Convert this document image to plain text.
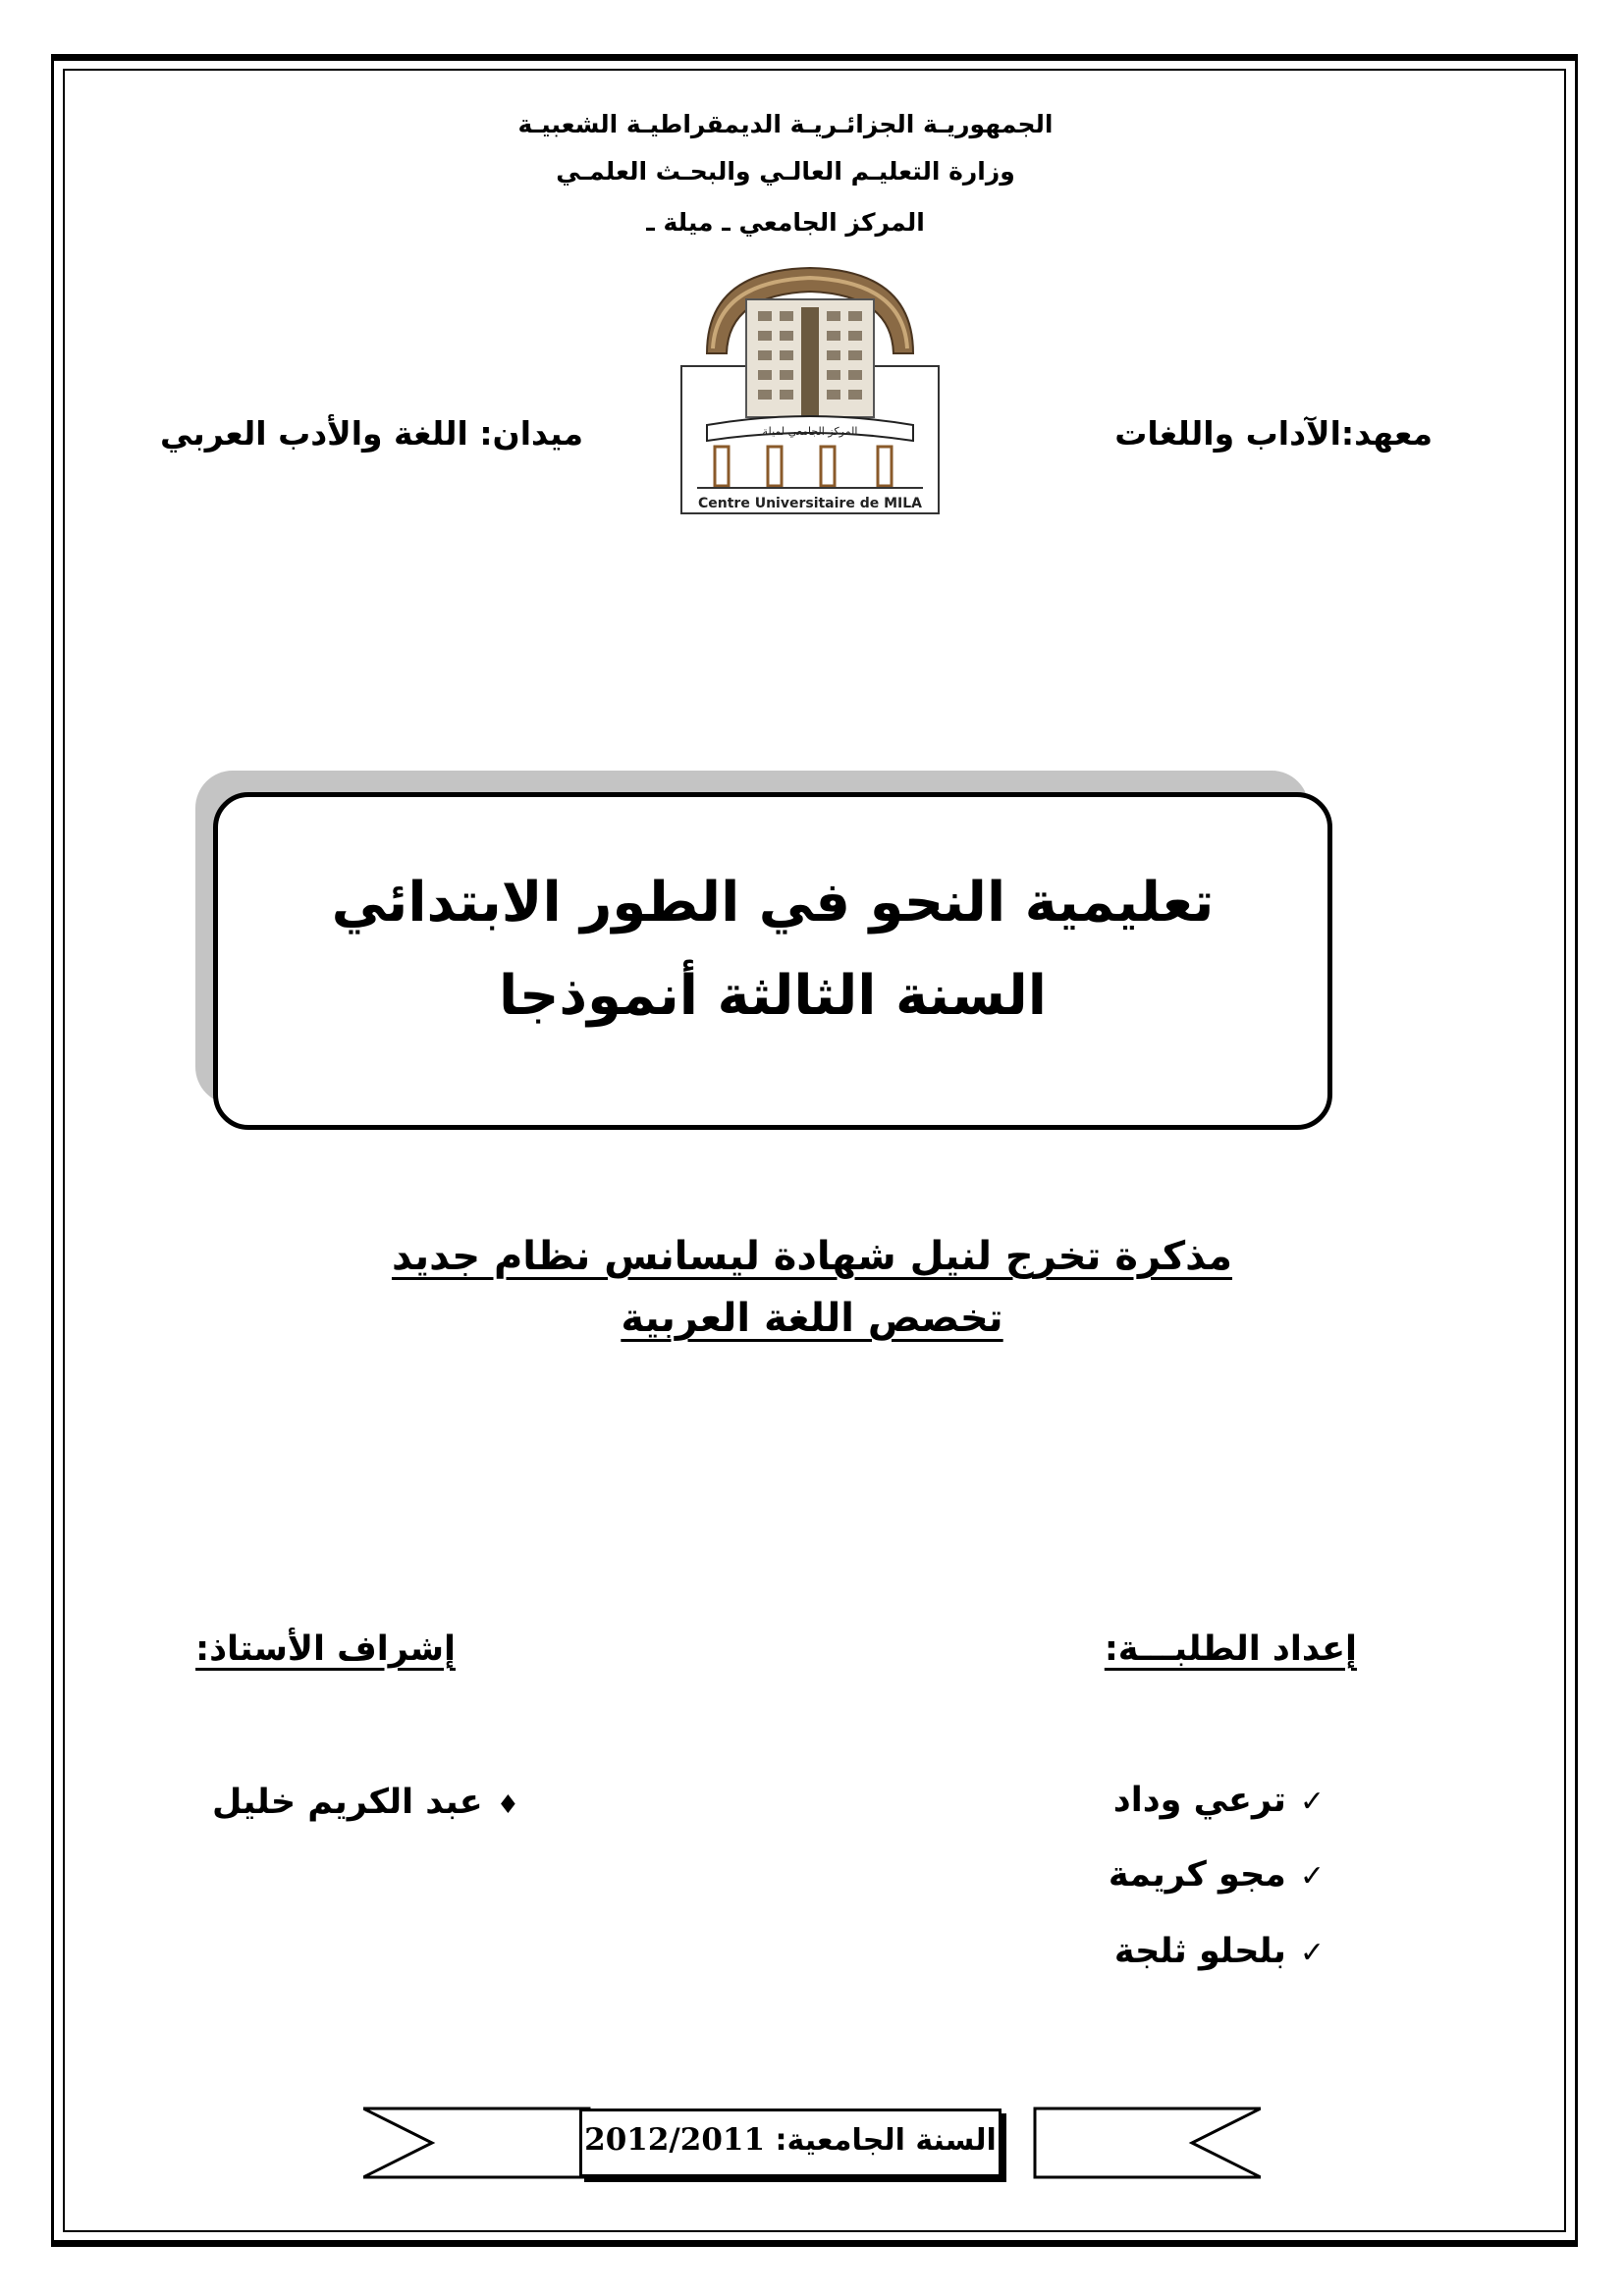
الجمهوريـة الجزائـريـة الديمقراطيـة الشعبيـة
وزارة التعليـم العالـي والبحـث العلمـي
المركز الجامعي ـ ميلة ـ
المركز الجامعي لميلة
Centre Universitaire de MILA
معهد:الآداب واللغات
ميدان: اللغة والأدب العربي
تعليمية النحو في الطور الابتدائي
السنة الثالثة أنموذجا
مذكرة تخرج لنيل شهادة ليسانس نظام جديد
تخصص اللغة العربية
إعداد الطلبـــة:
إشراف الأستاذ:
✓ترعي وداد
✓مجو كريمة
✓بلحلو ثلجة
♦عبد الكريم خليل
السنة الجامعية: 2012/2011
